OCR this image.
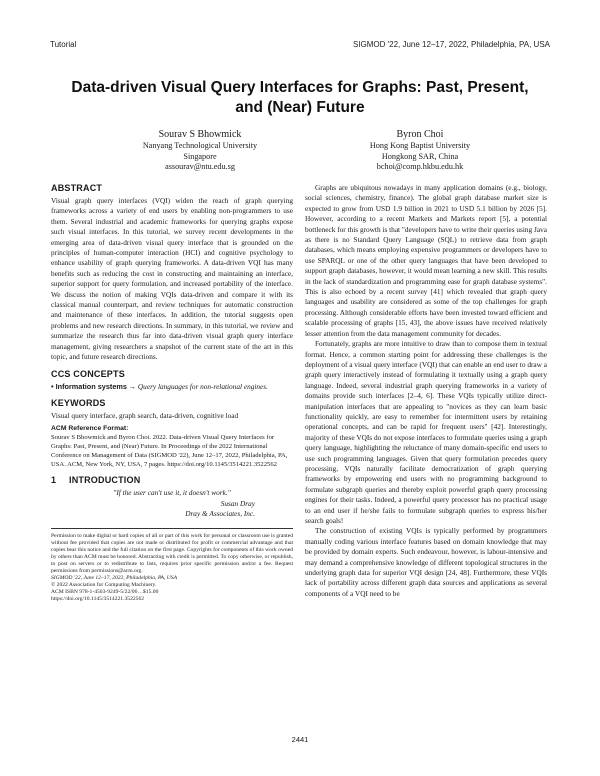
Tutorial	SIGMOD '22, June 12–17, 2022, Philadelphia, PA, USA
Data-driven Visual Query Interfaces for Graphs: Past, Present, and (Near) Future
Sourav S Bhowmick
Nanyang Technological University
Singapore
assourav@ntu.edu.sg
Byron Choi
Hong Kong Baptist University
Hongkong SAR, China
bchoi@comp.hkbu.edu.hk
ABSTRACT

Visual graph query interfaces (VQI) widen the reach of graph querying frameworks across a variety of end users by enabling non-programmers to use them. Several industrial and academic frameworks for querying graphs expose such visual interfaces. In this tutorial, we survey recent developments in the emerging area of data-driven visual query interface that is grounded on the principles of human-computer interaction (HCI) and cognitive psychology to enhance usability of graph querying frameworks. A data-driven VQI has many benefits such as reducing the cost in constructing and maintaining an interface, superior support for query formulation, and increased portability of the interface. We discuss the notion of making VQIs data-driven and compare it with its classical manual counterpart, and review techniques for automatic construction and maintenance of these interfaces. In addition, the tutorial suggests open problems and new research directions. In summary, in this tutorial, we review and summarize the research thus far into data-driven visual graph query interface management, giving researchers a snapshot of the current state of the art in this topic, and future research directions.

CCS CONCEPTS
• Information systems → Query languages for non-relational engines.
KEYWORDS

Visual query interface, graph search, data-driven, cognitive load

ACM Reference Format:

Sourav S Bhowmick and Byron Choi. 2022. Data-driven Visual Query Interfaces for Graphs: Past, Present, and (Near) Future. In Proceedings of the 2022 International Conference on Management of Data (SIGMOD '22), June 12–17, 2022, Philadelphia, PA, USA. ACM, New York, NY, USA, 7 pages. https://doi.org/10.1145/3514221.3522562

1 INTRODUCTION
"If the user can't use it, it doesn't work."
Susan Dray
Dray & Associates, Inc.
Permission to make digital or hard copies of all or part of this work for personal or classroom use is granted without fee provided that copies are not made or distributed for profit or commercial advantage and that copies bear this notice and the full citation on the first page. Copyrights for components of this work owned by others than ACM must be honored. Abstracting with credit is permitted. To copy otherwise, or republish, to post on servers or to redistribute to lists, requires prior specific permission and/or a fee. Request permissions from permissions@acm.org.
SIGMOD '22, June 12–17, 2022, Philadelphia, PA, USA
© 2022 Association for Computing Machinery.
ACM ISBN 978-1-4503-9249-5/22/06…$15.00
https://doi.org/10.1145/3514221.3522562

Graphs are ubiquitous nowadays in many application domains (e.g., biology, social sciences, chemistry, finance). The global graph database market size is expected to grow from USD 1.9 billion in 2021 to USD 5.1 billion by 2026 [5]. However, according to a recent Markets and Markets report [5], a potential bottleneck for this growth is that "developers have to write their queries using Java as there is no Standard Query Language (SQL) to retrieve data from graph databases, which means employing expensive programmers or developers have to use SPARQL or one of the other query languages that have been developed to support graph databases, however, it would mean learning a new skill. This results in the lack of standardization and programming ease for graph database systems". This is also echoed by a recent survey [41] which revealed that graph query languages and usability are considered as some of the top challenges for graph processing. Although considerable efforts have been invested toward efficient and scalable processing of graphs [15, 43], the above issues have received relatively lesser attention from the data management community for decades.

Fortunately, graphs are more intuitive to draw than to compose them in textual format. Hence, a common starting point for addressing these challenges is the deployment of a visual query interface (VQI) that can enable an end user to draw a graph query interactively instead of formulating it textually using a graph query language. Indeed, several industrial graph querying frameworks in a variety of domains provide such interfaces [2–4, 6]. These VQIs typically utilize direct-manipulation interfaces that are appealing to "novices as they can learn basic functionality quickly, are easy to remember for intermittent users by retaining operational concepts, and can be rapid for frequent users" [42]. Interestingly, majority of these VQIs do not expose interfaces to formulate queries using a graph query language, highlighting the reluctance of many domain-specific end users to use such programming languages. Given that query formulation precedes query processing, VQIs naturally facilitate democratization of graph querying frameworks by empowering end users with no programming background to formulate subgraph queries and thereby exploit powerful graph query processing engines for their tasks. Indeed, a powerful query processor has no practical usage to an end user if he/she fails to formulate subgraph queries to express his/her search goals!

The construction of existing VQIs is typically performed by programmers manually coding various interface features based on domain knowledge that may be provided by domain experts. Such endeavour, however, is labour-intensive and may demand a comprehensive knowledge of different topological structures in the underlying graph data for superior VQI design [24, 48]. Furthermore, these VQIs lack of portability across different graph data sources and applications as several components of a VQI need to be

2441
